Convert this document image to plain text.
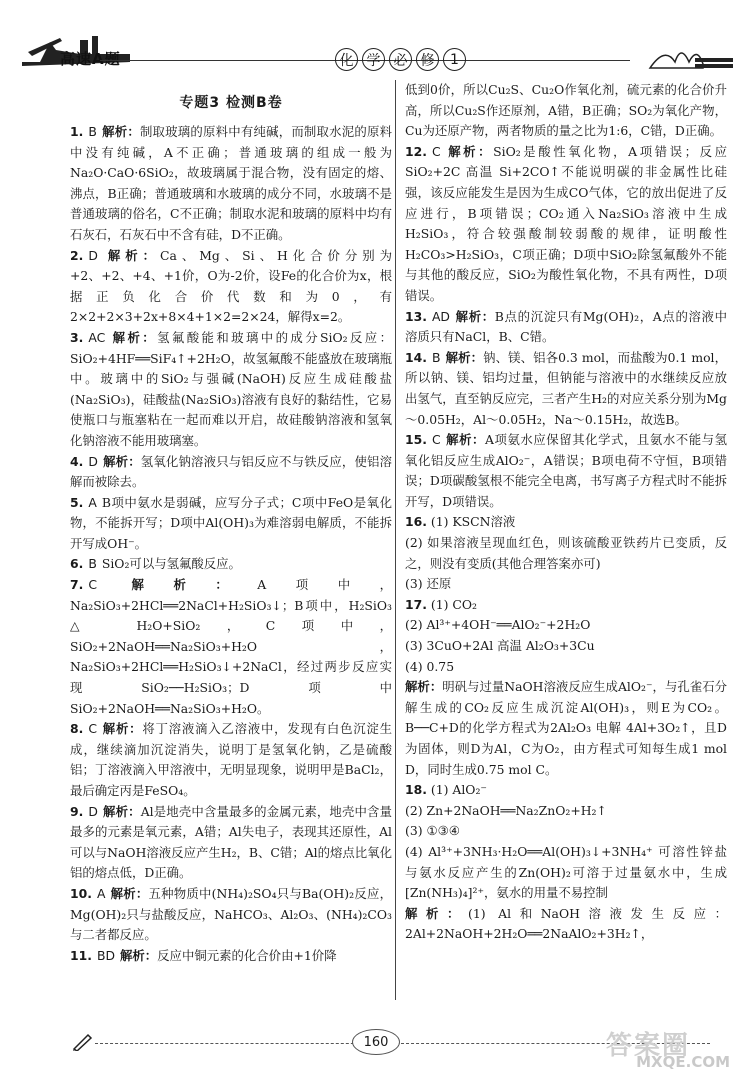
高速A题	化 学 必 修	1
专题3 检测B卷

1. B 解析：制取玻璃的原料中有纯碱，而制取水泥的原料中没有纯碱，A不正确；普通玻璃的组成一般为Na₂O·CaO·6SiO₂，故玻璃属于混合物，没有固定的熔、沸点，B正确；普通玻璃和水玻璃的成分不同，水玻璃不是普通玻璃的俗名，C不正确；制取水泥和玻璃的原料中均有石灰石，石灰石中不含有硅，D不正确。

2. D 解析：Ca、Mg、Si、H化合价分别为+2、+2、+4、+1价，O为-2价，设Fe的化合价为x，根据正负化合价代数和为0，有2×2+2×3+2x+8×4+1×2=2×24，解得x=2。

3. AC 解析：氢氟酸能和玻璃中的成分SiO₂反应：SiO₂+4HF══SiF₄↑+2H₂O，故氢氟酸不能盛放在玻璃瓶中。玻璃中的SiO₂与强碱(NaOH)反应生成硅酸盐(Na₂SiO₃)，硅酸盐(Na₂SiO₃)溶液有良好的黏结性，它易使瓶口与瓶塞粘在一起而难以开启，故硅酸钠溶液和氢氧化钠溶液不能用玻璃塞。

4. D 解析：氢氧化钠溶液只与铝反应不与铁反应，使铝溶解而被除去。

5. A B项中氨水是弱碱，应写分子式；C项中FeO是氧化物，不能拆开写；D项中Al(OH)₃为难溶弱电解质，不能拆开写成OH⁻。

6. B SiO₂可以与氢氟酸反应。

7. C 解析：A项中，Na₂SiO₃+2HCl══2NaCl+H₂SiO₃↓；B项中，H₂SiO₃ △ H₂O+SiO₂，C项中，SiO₂+2NaOH══Na₂SiO₃+H₂O，Na₂SiO₃+2HCl══H₂SiO₃↓+2NaCl，经过两步反应实现SiO₂──H₂SiO₃；D项中SiO₂+2NaOH══Na₂SiO₃+H₂O。

8. C 解析：将丁溶液滴入乙溶液中，发现有白色沉淀生成，继续滴加沉淀消失，说明丁是氢氧化钠，乙是硫酸铝；丁溶液滴入甲溶液中，无明显现象，说明甲是BaCl₂，最后确定丙是FeSO₄。

9. D 解析：Al是地壳中含量最多的金属元素，地壳中含量最多的元素是氧元素，A错；Al失电子，表现其还原性，Al可以与NaOH溶液反应产生H₂，B、C错；Al的熔点比氧化铝的熔点低，D正确。

10. A 解析：五种物质中(NH₄)₂SO₄只与Ba(OH)₂反应，Mg(OH)₂只与盐酸反应，NaHCO₃、Al₂O₃、(NH₄)₂CO₃与二者都反应。

11. BD 解析：反应中铜元素的化合价由+1价降

低到0价，所以Cu₂S、Cu₂O作氧化剂，硫元素的化合价升高，所以Cu₂S作还原剂，A错，B正确；SO₂为氧化产物，Cu为还原产物，两者物质的量之比为1:6，C错，D正确。

12. C 解析：SiO₂是酸性氧化物，A项错误；反应SiO₂+2C 高温 Si+2CO↑不能说明碳的非金属性比硅强，该反应能发生是因为生成CO气体，它的放出促进了反应进行，B项错误；CO₂通入Na₂SiO₃溶液中生成H₂SiO₃，符合较强酸制较弱酸的规律，证明酸性H₂CO₃>H₂SiO₃，C项正确；D项中SiO₂除氢氟酸外不能与其他的酸反应，SiO₂为酸性氧化物，不具有两性，D项错误。

13. AD 解析：B点的沉淀只有Mg(OH)₂，A点的溶液中溶质只有NaCl，B、C错。

14. B 解析：钠、镁、铝各0.3 mol，而盐酸为0.1 mol，所以钠、镁、铝均过量，但钠能与溶液中的水继续反应放出氢气，直至钠反应完，三者产生H₂的对应关系分别为Mg～0.05H₂，Al～0.05H₂，Na～0.15H₂，故选B。

15. C 解析：A项氨水应保留其化学式，且氨水不能与氢氧化铝反应生成AlO₂⁻，A错误；B项电荷不守恒，B项错误；D项碳酸氢根不能完全电离，书写离子方程式时不能拆开写，D项错误。

16. (1) KSCN溶液

(2) 如果溶液呈现血红色，则该硫酸亚铁药片已变质，反之，则没有变质(其他合理答案亦可)

(3) 还原

17. (1) CO₂

(2) Al³⁺+4OH⁻══AlO₂⁻+2H₂O

(3) 3CuO+2Al 高温 Al₂O₃+3Cu

(4) 0.75

解析：明矾与过量NaOH溶液反应生成AlO₂⁻，与孔雀石分解生成的CO₂反应生成沉淀Al(OH)₃，则E为CO₂。B──C+D的化学方程式为2Al₂O₃ 电解 4Al+3O₂↑，且D为固体，则D为Al，C为O₂，由方程式可知每生成1 mol D，同时生成0.75 mol C。

18. (1) AlO₂⁻

(2) Zn+2NaOH══Na₂ZnO₂+H₂↑

(3) ①③④

(4) Al³⁺+3NH₃·H₂O══Al(OH)₃↓+3NH₄⁺ 可溶性锌盐与氨水反应产生的Zn(OH)₂可溶于过量氨水中，生成[Zn(NH₃)₄]²⁺，氨水的用量不易控制

解析：(1) Al和NaOH溶液发生反应：2Al+2NaOH+2H₂O══2NaAlO₂+3H₂↑，

160	答案圈
MXQE.COM
